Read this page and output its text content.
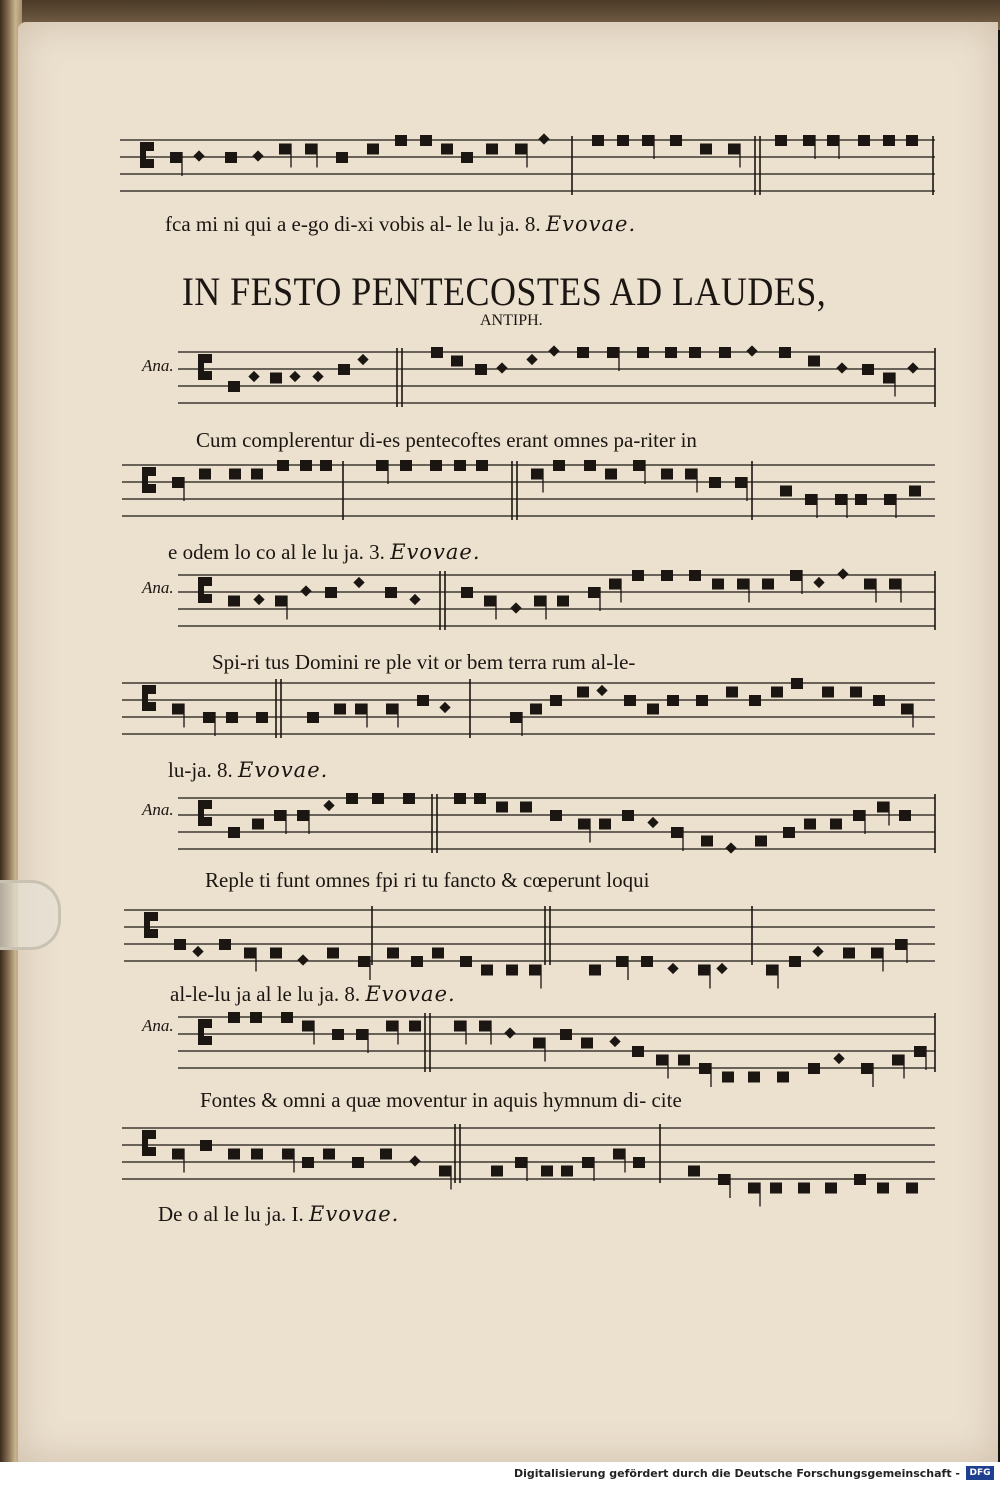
IN FESTO PENTECOSTES AD LAUDES,
ANTIPH.
Ana.
Ana.
Ana.
Ana.
fca mi ni qui a e-go di-xi vobis al- le lu ja. 8. Evovae.
Cum complerentur di-es pentecoftes erant omnes pa-riter in
e odem lo co al le lu ja. 3. Evovae.
Spi-ri tus Domini re ple vit or bem terra rum al-le-
lu-ja. 8. Evovae.
Reple ti funt omnes fpi ri tu fancto & cœperunt loqui
al-le-lu ja al le lu ja. 8. Evovae.
Fontes & omni a quæ moventur in aquis hymnum di- cite
De o al le lu ja. I. Evovae.
Digitalisierung gefördert durch die Deutsche Forschungsgemeinschaft -	DFG
